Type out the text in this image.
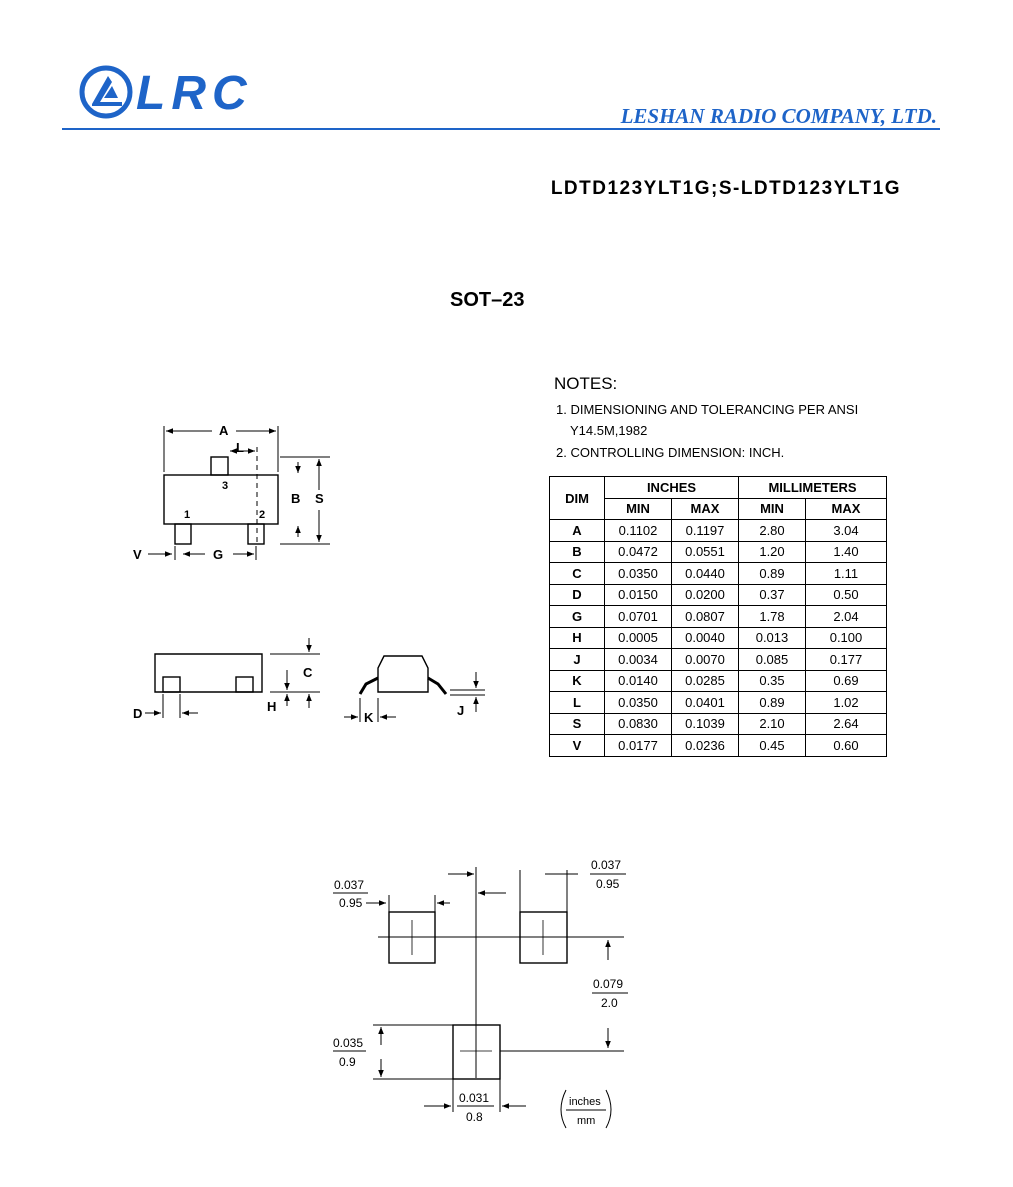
LRC	LESHAN RADIO COMPANY, LTD.
LDTD123YLT1G;S-LDTD123YLT1G
SOT–23
NOTES:
1. DIMENSIONING AND TOLERANCING PER ANSI
Y14.5M,1982
2. CONTROLLING DIMENSION: INCH.
DIM	INCHES		MILLIMETERS	
	MIN	MAX	MIN	MAX
A	0.1102	0.1197	2.80	3.04
B	0.0472	0.0551	1.20	1.40
C	0.0350	0.0440	0.89	1.11
D	0.0150	0.0200	0.37	0.50
G	0.0701	0.0807	1.78	2.04
H	0.0005	0.0040	0.013	0.100
J	0.0034	0.0070	0.085	0.177
K	0.0140	0.0285	0.35	0.69
L	0.0350	0.0401	0.89	1.02
S	0.0830	0.1039	2.10	2.64
V	0.0177	0.0236	0.45	0.60
A
L
B S
V	G
3
1	2
C
H
D	K	J
0.037
0.95
0.037
0.95
0.079
2.0
0.035
0.9
0.031
0.8
inches
mm
